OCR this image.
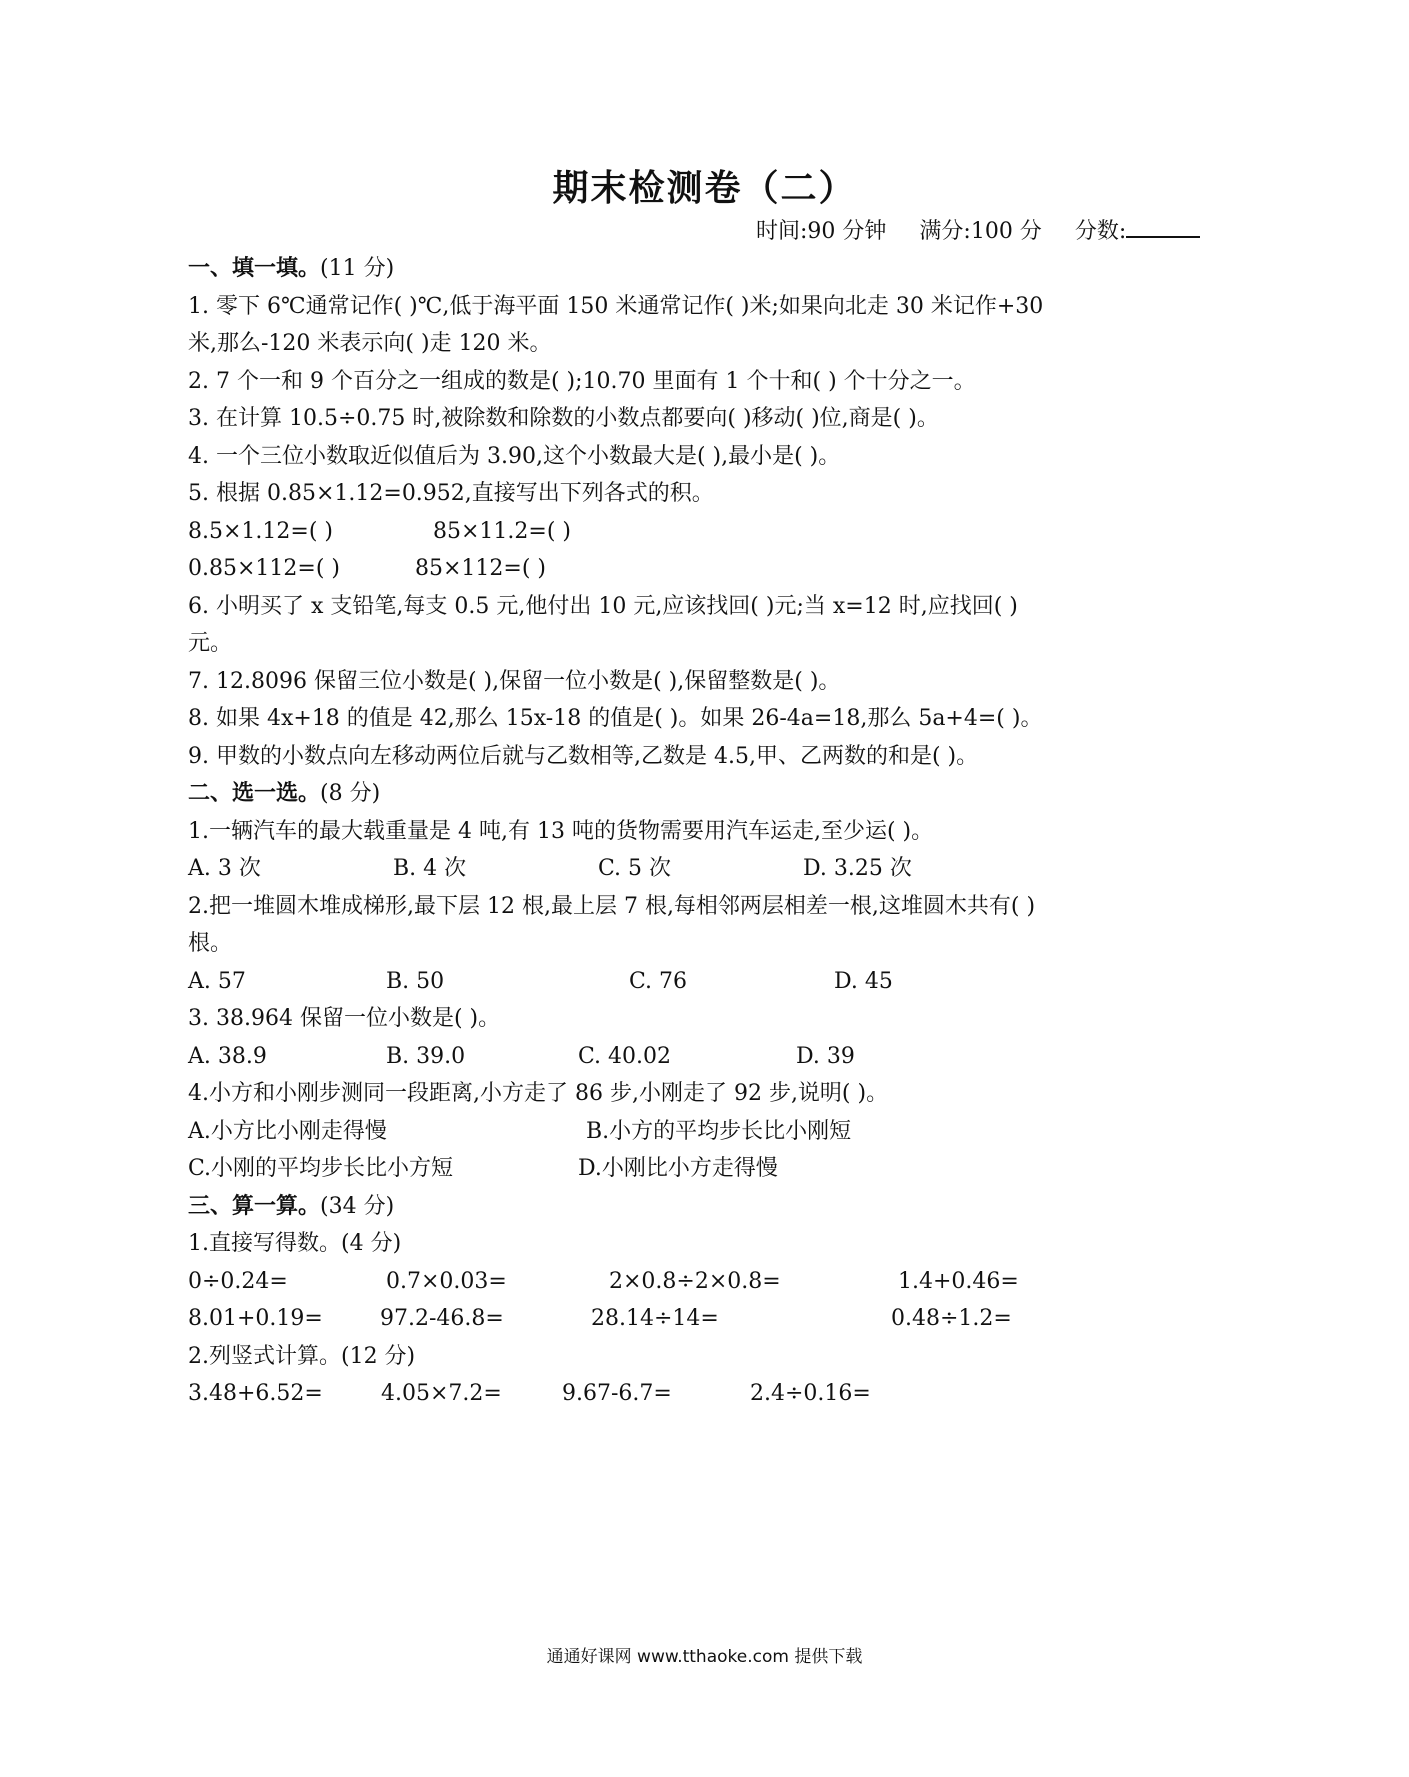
期末检测卷（二）
时间:90 分钟 满分:100 分 分数:
一、填一填。(11 分)
1. 零下 6℃通常记作( )℃,低于海平面 150 米通常记作( )米;如果向北走 30 米记作+30
米,那么-120 米表示向( )走 120 米。
2. 7 个一和 9 个百分之一组成的数是( );10.70 里面有 1 个十和( ) 个十分之一。
3. 在计算 10.5÷0.75 时,被除数和除数的小数点都要向( )移动( )位,商是( )。
4. 一个三位小数取近似值后为 3.90,这个小数最大是( ),最小是( )。
5. 根据 0.85×1.12=0.952,直接写出下列各式的积。
8.5×1.12=( )	85×11.2=( )
0.85×112=( )	85×112=( )
6. 小明买了 x 支铅笔,每支 0.5 元,他付出 10 元,应该找回( )元;当 x=12 时,应找回( )
元。
7. 12.8096 保留三位小数是( ),保留一位小数是( ),保留整数是( )。
8. 如果 4x+18 的值是 42,那么 15x-18 的值是( )。如果 26-4a=18,那么 5a+4=( )。
9. 甲数的小数点向左移动两位后就与乙数相等,乙数是 4.5,甲、乙两数的和是( )。
二、选一选。(8 分)
1.一辆汽车的最大载重量是 4 吨,有 13 吨的货物需要用汽车运走,至少运( )。
A. 3 次	B. 4 次	C. 5 次	D. 3.25 次
2.把一堆圆木堆成梯形,最下层 12 根,最上层 7 根,每相邻两层相差一根,这堆圆木共有( )
根。
A. 57	B. 50	C. 76	D. 45
3. 38.964 保留一位小数是( )。
A. 38.9	B. 39.0	C. 40.02	D. 39
4.小方和小刚步测同一段距离,小方走了 86 步,小刚走了 92 步,说明( )。
A.小方比小刚走得慢	B.小方的平均步长比小刚短
C.小刚的平均步长比小方短	D.小刚比小方走得慢
三、算一算。(34 分)
1.直接写得数。(4 分)
0÷0.24=	0.7×0.03=	2×0.8÷2×0.8=	1.4+0.46=
8.01+0.19=	97.2-46.8=	28.14÷14=	0.48÷1.2=
2.列竖式计算。(12 分)
3.48+6.52=	4.05×7.2=	9.67-6.7=	2.4÷0.16=
通通好课网 www.tthaoke.com 提供下载
